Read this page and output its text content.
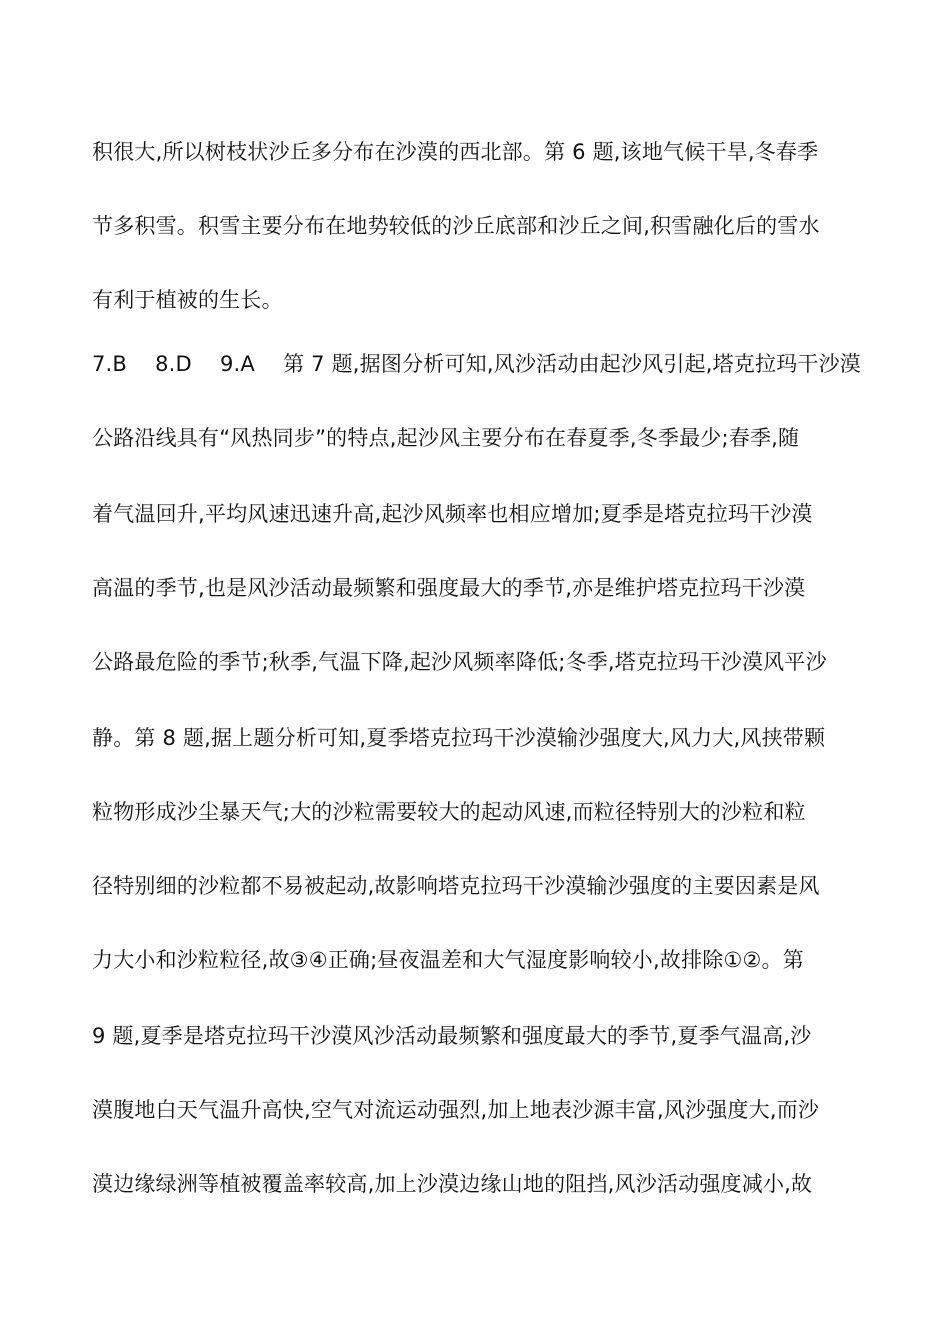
积很大,所以树枝状沙丘多分布在沙漠的西北部。第 6 题,该地气候干旱,冬春季
节多积雪。积雪主要分布在地势较低的沙丘底部和沙丘之间,积雪融化后的雪水
有利于植被的生长。
7.B　 8.D　 9.A　 第 7 题,据图分析可知,风沙活动由起沙风引起,塔克拉玛干沙漠
公路沿线具有“风热同步”的特点,起沙风主要分布在春夏季,冬季最少;春季,随
着气温回升,平均风速迅速升高,起沙风频率也相应增加;夏季是塔克拉玛干沙漠
高温的季节,也是风沙活动最频繁和强度最大的季节,亦是维护塔克拉玛干沙漠
公路最危险的季节;秋季,气温下降,起沙风频率降低;冬季,塔克拉玛干沙漠风平沙
静。第 8 题,据上题分析可知,夏季塔克拉玛干沙漠输沙强度大,风力大,风挟带颗
粒物形成沙尘暴天气;大的沙粒需要较大的起动风速,而粒径特别大的沙粒和粒
径特别细的沙粒都不易被起动,故影响塔克拉玛干沙漠输沙强度的主要因素是风
力大小和沙粒粒径,故③④正确;昼夜温差和大气湿度影响较小,故排除①②。第
9 题,夏季是塔克拉玛干沙漠风沙活动最频繁和强度最大的季节,夏季气温高,沙
漠腹地白天气温升高快,空气对流运动强烈,加上地表沙源丰富,风沙强度大,而沙
漠边缘绿洲等植被覆盖率较高,加上沙漠边缘山地的阻挡,风沙活动强度减小,故
